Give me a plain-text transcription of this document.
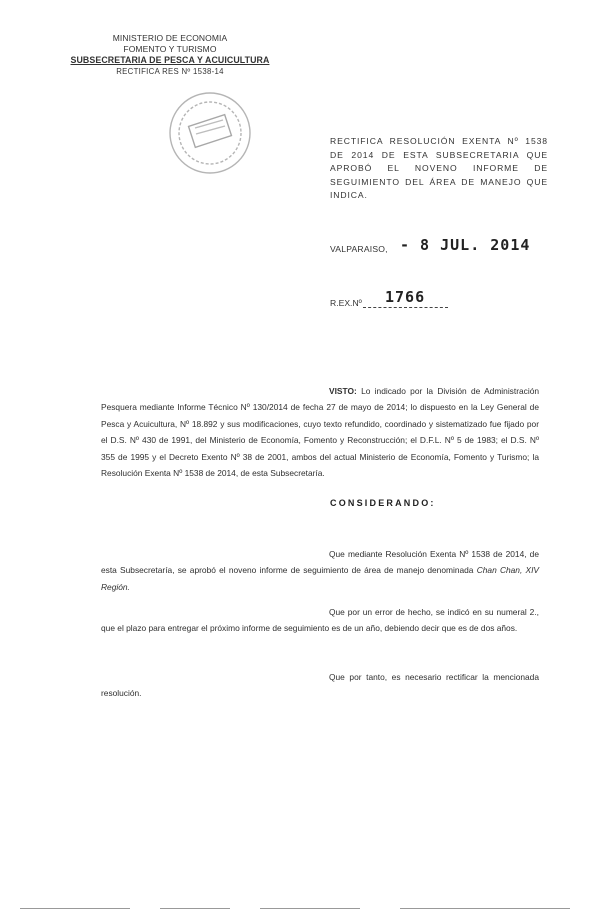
MINISTERIO DE ECONOMIA
FOMENTO Y TURISMO
SUBSECRETARIA DE PESCA Y ACUICULTURA
RECTIFICA RES Nº 1538-14
RECTIFICA RESOLUCIÓN EXENTA Nº 1538 DE 2014 DE ESTA SUBSECRETARIA QUE APROBÓ EL NOVENO INFORME DE SEGUIMIENTO DEL ÁREA DE MANEJO QUE INDICA.
VALPARAISO, - 8 JUL. 2014
R.EX.Nº 1766
VISTO: Lo indicado por la División de Administración Pesquera mediante Informe Técnico Nº 130/2014 de fecha 27 de mayo de 2014; lo dispuesto en la Ley General de Pesca y Acuicultura, Nº 18.892 y sus modificaciones, cuyo texto refundido, coordinado y sistematizado fue fijado por el D.S. Nº 430 de 1991, del Ministerio de Economía, Fomento y Reconstrucción; el D.F.L. Nº 5 de 1983; el D.S. Nº 355 de 1995 y el Decreto Exento Nº 38 de 2001, ambos del actual Ministerio de Economía, Fomento y Turismo; la Resolución Exenta Nº 1538 de 2014, de esta Subsecretaría.
CONSIDERANDO:
Que mediante Resolución Exenta Nº 1538 de 2014, de esta Subsecretaría, se aprobó el noveno informe de seguimiento de área de manejo denominada Chan Chan, XIV Región.
Que por un error de hecho, se indicó en su numeral 2., que el plazo para entregar el próximo informe de seguimiento es de un año, debiendo decir que es de dos años.
Que por tanto, es necesario rectificar la mencionada resolución.
